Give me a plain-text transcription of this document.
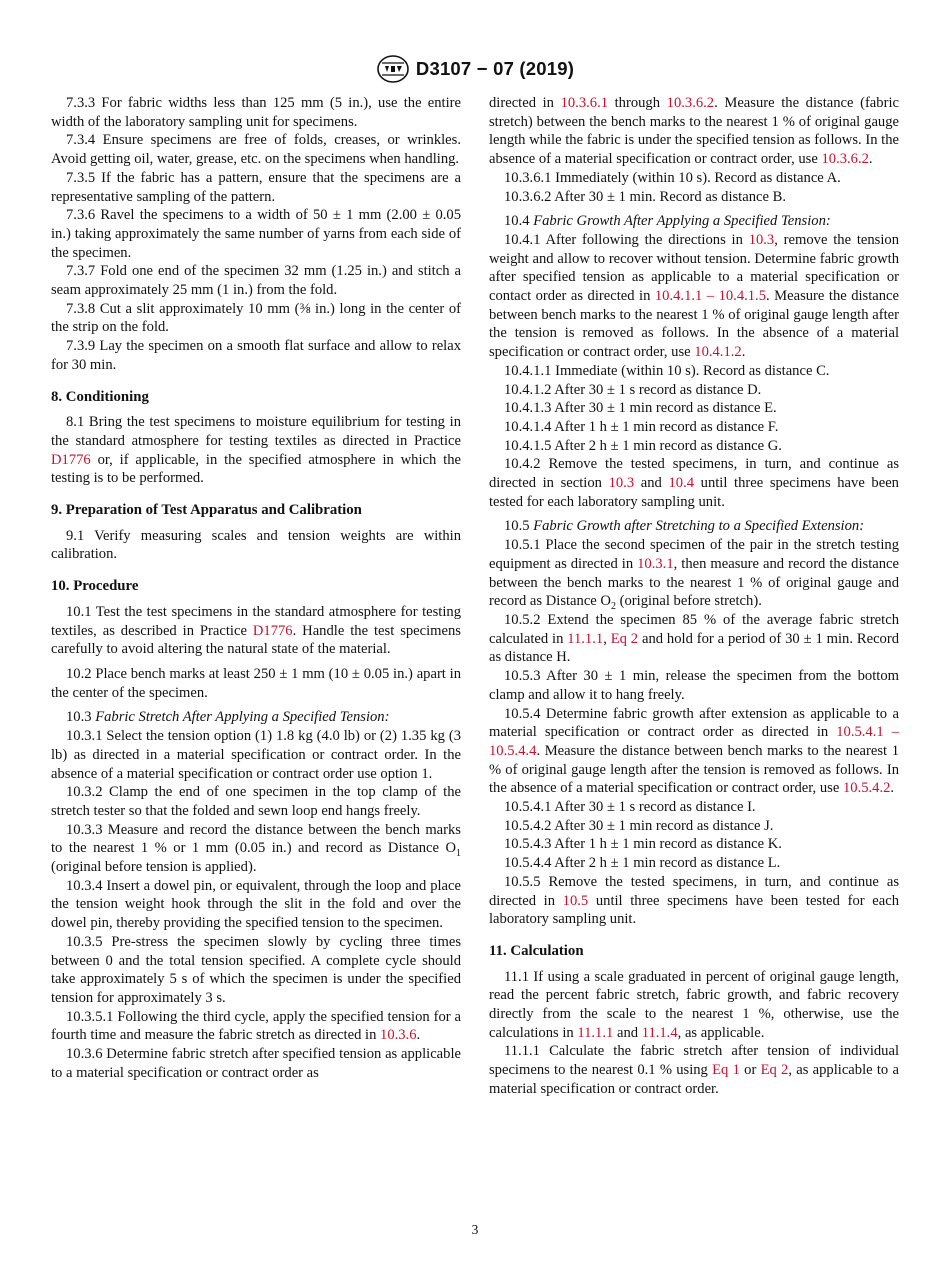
D3107 − 07 (2019)

7.3.3 For fabric widths less than 125 mm (5 in.), use the entire width of the laboratory sampling unit for specimens.

7.3.4 Ensure specimens are free of folds, creases, or wrinkles. Avoid getting oil, water, grease, etc. on the specimens when handling.

7.3.5 If the fabric has a pattern, ensure that the specimens are a representative sampling of the pattern.

7.3.6 Ravel the specimens to a width of 50 ± 1 mm (2.00 ± 0.05 in.) taking approximately the same number of yarns from each side of the specimen.

7.3.7 Fold one end of the specimen 32 mm (1.25 in.) and stitch a seam approximately 25 mm (1 in.) from the fold.

7.3.8 Cut a slit approximately 10 mm (⅜ in.) long in the center of the strip on the fold.

7.3.9 Lay the specimen on a smooth flat surface and allow to relax for 30 min.

8. Conditioning

8.1 Bring the test specimens to moisture equilibrium for testing in the standard atmosphere for testing textiles as directed in Practice D1776 or, if applicable, in the specified atmosphere in which the testing is to be performed.

9. Preparation of Test Apparatus and Calibration

9.1 Verify measuring scales and tension weights are within calibration.

10. Procedure

10.1 Test the test specimens in the standard atmosphere for testing textiles, as described in Practice D1776. Handle the test specimens carefully to avoid altering the natural state of the material.

10.2 Place bench marks at least 250 ± 1 mm (10 ± 0.05 in.) apart in the center of the specimen.

10.3 Fabric Stretch After Applying a Specified Tension:

10.3.1 Select the tension option (1) 1.8 kg (4.0 lb) or (2) 1.35 kg (3 lb) as directed in a material specification or contract order. In the absence of a material specification or contract order use option 1.

10.3.2 Clamp the end of one specimen in the top clamp of the stretch tester so that the folded and sewn loop end hangs freely.

10.3.3 Measure and record the distance between the bench marks to the nearest 1 % or 1 mm (0.05 in.) and record as Distance $O_1$ (original before tension is applied).

10.3.4 Insert a dowel pin, or equivalent, through the loop and place the tension weight hook through the slit in the fold and over the dowel pin, thereby providing the specified tension to the specimen.

10.3.5 Pre-stress the specimen slowly by cycling three times between 0 and the total tension specified. A complete cycle should take approximately 5 s of which the specimen is under the specified tension for approximately 3 s.

10.3.5.1 Following the third cycle, apply the specified tension for a fourth time and measure the fabric stretch as directed in 10.3.6.

10.3.6 Determine fabric stretch after specified tension as applicable to a material specification or contract order as

directed in 10.3.6.1 through 10.3.6.2. Measure the distance (fabric stretch) between the bench marks to the nearest 1 % of original gauge length while the fabric is under the specified tension as follows. In the absence of a material specification or contract order, use 10.3.6.2.

10.3.6.1 Immediately (within 10 s). Record as distance A.

10.3.6.2 After 30 ± 1 min. Record as distance B.

10.4 Fabric Growth After Applying a Specified Tension:

10.4.1 After following the directions in 10.3, remove the tension weight and allow to recover without tension. Determine fabric growth after specified tension as applicable to a material specification or contact order as directed in 10.4.1.1 – 10.4.1.5. Measure the distance between bench marks to the nearest 1 % of original gauge length after the tension is removed as follows. In the absence of a material specification or contract order, use 10.4.1.2.

10.4.1.1 Immediate (within 10 s). Record as distance C.

10.4.1.2 After 30 ± 1 s record as distance D.

10.4.1.3 After 30 ± 1 min record as distance E.

10.4.1.4 After 1 h ± 1 min record as distance F.

10.4.1.5 After 2 h ± 1 min record as distance G.

10.4.2 Remove the tested specimens, in turn, and continue as directed in section 10.3 and 10.4 until three specimens have been tested for each laboratory sampling unit.

10.5 Fabric Growth after Stretching to a Specified Extension:

10.5.1 Place the second specimen of the pair in the stretch testing equipment as directed in 10.3.1, then measure and record the distance between the bench marks to the nearest 1 % of original gauge and record as Distance $O_2$ (original before stretch).

10.5.2 Extend the specimen 85 % of the average fabric stretch calculated in 11.1.1, Eq 2 and hold for a period of 30 ± 1 min. Record as distance H.

10.5.3 After 30 ± 1 min, release the specimen from the bottom clamp and allow it to hang freely.

10.5.4 Determine fabric growth after extension as applicable to a material specification or contract order as directed in 10.5.4.1 – 10.5.4.4. Measure the distance between bench marks to the nearest 1 % of original gauge length after the tension is removed as follows. In the absence of a material specification or contract order, use 10.5.4.2.

10.5.4.1 After 30 ± 1 s record as distance I.

10.5.4.2 After 30 ± 1 min record as distance J.

10.5.4.3 After 1 h ± 1 min record as distance K.

10.5.4.4 After 2 h ± 1 min record as distance L.

10.5.5 Remove the tested specimens, in turn, and continue as directed in 10.5 until three specimens have been tested for each laboratory sampling unit.

11. Calculation

11.1 If using a scale graduated in percent of original gauge length, read the percent fabric stretch, fabric growth, and fabric recovery directly from the scale to the nearest 1 %, otherwise, use the calculations in 11.1.1 and 11.1.4, as applicable.

11.1.1 Calculate the fabric stretch after tension of individual specimens to the nearest 0.1 % using Eq 1 or Eq 2, as applicable to a material specification or contract order.

3
